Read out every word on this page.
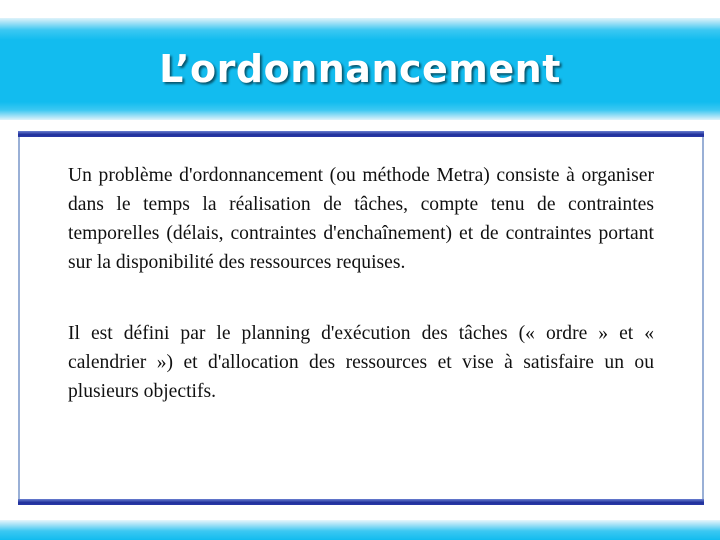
L’ordonnancement

Un problème d'ordonnancement (ou méthode Metra) consiste à organiser dans le temps la réalisation de tâches, compte tenu de contraintes temporelles (délais, contraintes d'enchaînement) et de contraintes portant sur la disponibilité des ressources requises.

Il est défini par le planning d'exécution des tâches (« ordre » et « calendrier ») et d'allocation des ressources et vise à satisfaire un ou plusieurs objectifs.
